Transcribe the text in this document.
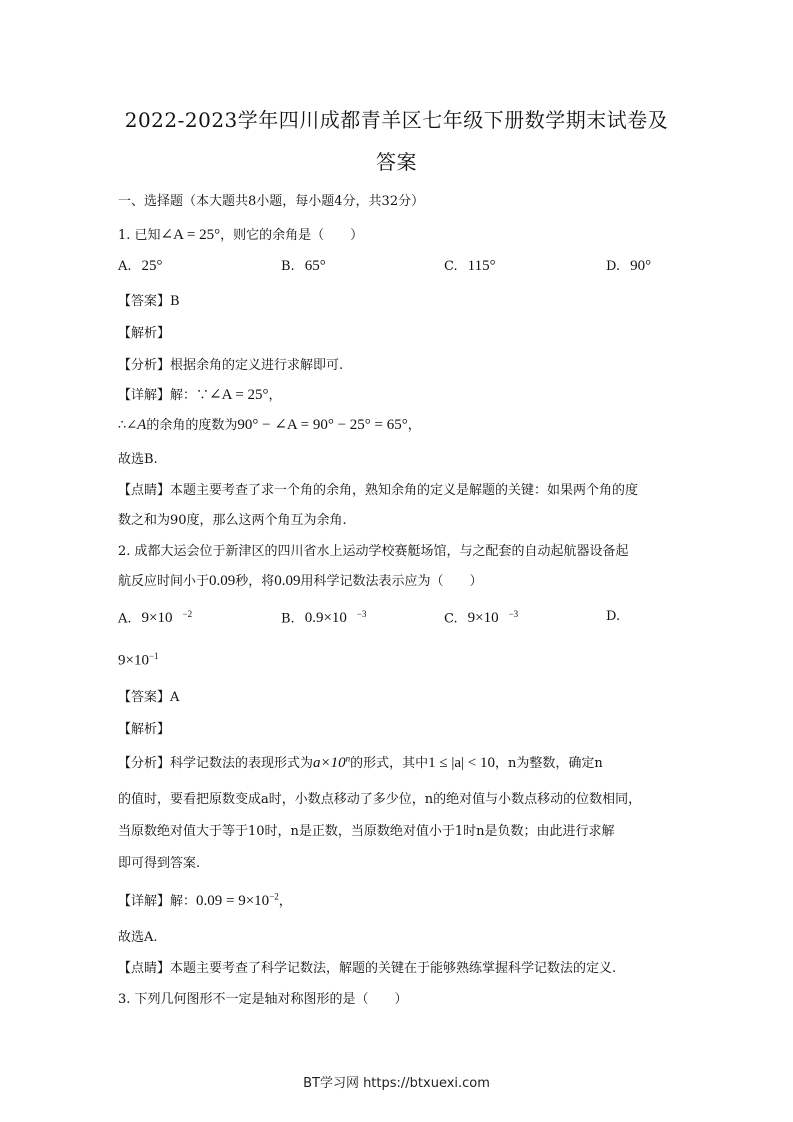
2022-2023学年四川成都青羊区七年级下册数学期末试卷及
答案
一、选择题（本大题共8小题，每小题4分，共32分）
1. 已知∠A = 25°，则它的余角是（　　）
A. 25°	B. 65°	C. 115°	D. 90°
【答案】B
【解析】
【分析】根据余角的定义进行求解即可.
【详解】解：∵∠A = 25°，
∴∠A的余角的度数为90° − ∠A = 90° − 25° = 65°，
故选B.
【点睛】本题主要考查了求一个角的余角，熟知余角的定义是解题的关键：如果两个角的度
数之和为90度，那么这两个角互为余角.
2. 成都大运会位于新津区的四川省水上运动学校赛艇场馆，与之配套的自动起航器设备起
航反应时间小于0.09秒，将0.09用科学记数法表示应为（　　）
A. 9×10 $^{-2}$	B. 0.9×10 $^{-3}$	C. 9×10 $^{-3}$	D.
$9\times 10^{-1}$
【答案】A
【解析】
【分析】科学记数法的表现形式为$a\times 10^n$的形式，其中1 ≤ |a| < 10，n为整数，确定n
的值时，要看把原数变成a时，小数点移动了多少位，n的绝对值与小数点移动的位数相同，
当原数绝对值大于等于10时，n是正数，当原数绝对值小于1时n是负数；由此进行求解
即可得到答案.
【详解】解：$0.09 = 9\times 10^{-2}$，
故选A.
【点睛】本题主要考查了科学记数法，解题的关键在于能够熟练掌握科学记数法的定义.
3. 下列几何图形不一定是轴对称图形的是（　　）
BT学习网 https://btxuexi.com
